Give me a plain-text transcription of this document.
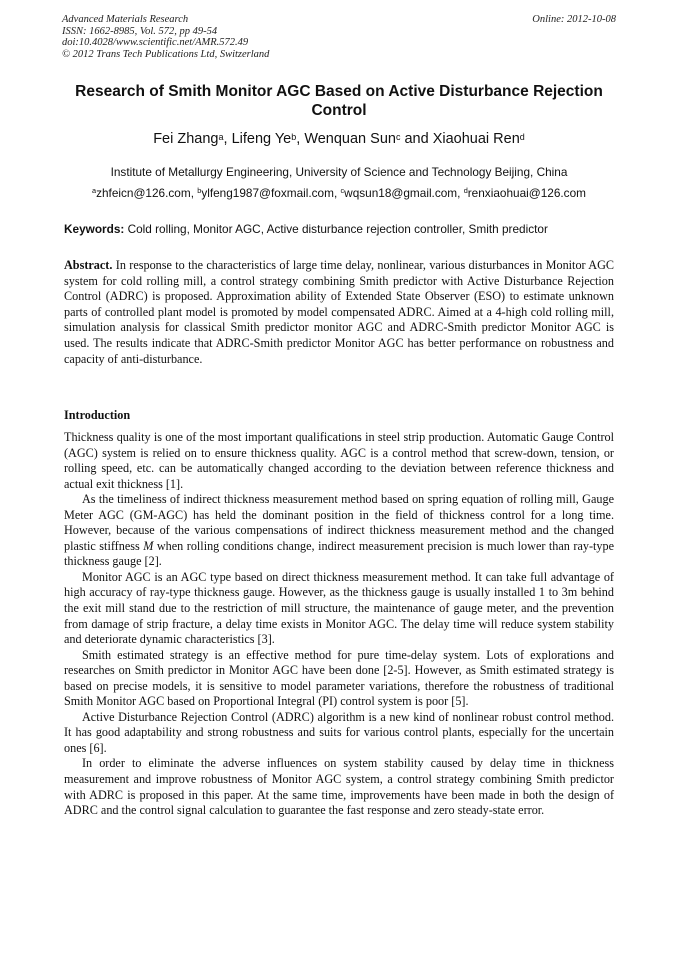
Advanced Materials Research
ISSN: 1662-8985, Vol. 572, pp 49-54
doi:10.4028/www.scientific.net/AMR.572.49
© 2012 Trans Tech Publications Ltd, Switzerland
Online: 2012-10-08
Research of Smith Monitor AGC Based on Active Disturbance Rejection Control
Fei Zhang$^a$, Lifeng Ye$^b$, Wenquan Sun$^c$ and Xiaohuai Ren$^d$
Institute of Metallurgy Engineering, University of Science and Technology Beijing, China
$^a$zhfeicn@126.com, $^b$ylfeng1987@foxmail.com, $^c$wqsun18@gmail.com, $^d$renxiaohuai@126.com
Keywords: Cold rolling, Monitor AGC, Active disturbance rejection controller, Smith predictor
Abstract. In response to the characteristics of large time delay, nonlinear, various disturbances in Monitor AGC system for cold rolling mill, a control strategy combining Smith predictor with Active Disturbance Rejection Control (ADRC) is proposed. Approximation ability of Extended State Observer (ESO) to estimate unknown parts of controlled plant model is promoted by model compensated ADRC. Aimed at a 4-high cold rolling mill, simulation analysis for classical Smith predictor monitor AGC and ADRC-Smith predictor Monitor AGC is used. The results indicate that ADRC-Smith predictor Monitor AGC has better performance on robustness and capacity of anti-disturbance.
Introduction

Thickness quality is one of the most important qualifications in steel strip production. Automatic Gauge Control (AGC) system is relied on to ensure thickness quality. AGC is a control method that screw-down, tension, or rolling speed, etc. can be automatically changed according to the deviation between reference thickness and actual exit thickness [1].

As the timeliness of indirect thickness measurement method based on spring equation of rolling mill, Gauge Meter AGC (GM-AGC) has held the dominant position in the field of thickness control for a long time. However, because of the various compensations of indirect thickness measurement method and the changed plastic stiffness M when rolling conditions change, indirect measurement precision is much lower than ray-type thickness gauge [2].

Monitor AGC is an AGC type based on direct thickness measurement method. It can take full advantage of high accuracy of ray-type thickness gauge. However, as the thickness gauge is usually installed 1 to 3m behind the exit mill stand due to the restriction of mill structure, the maintenance of gauge meter, and the prevention from damage of strip fracture, a delay time exists in Monitor AGC. The delay time will reduce system stability and deteriorate dynamic characteristics [3].

Smith estimated strategy is an effective method for pure time-delay system. Lots of explorations and researches on Smith predictor in Monitor AGC have been done [2-5]. However, as Smith estimated strategy is based on precise models, it is sensitive to model parameter variations, therefore the robustness of traditional Smith Monitor AGC based on Proportional Integral (PI) control system is poor [5].

Active Disturbance Rejection Control (ADRC) algorithm is a new kind of nonlinear robust control method. It has good adaptability and strong robustness and suits for various control plants, especially for the uncertain ones [6].

In order to eliminate the adverse influences on system stability caused by delay time in thickness measurement and improve robustness of Monitor AGC system, a control strategy combining Smith predictor with ADRC is proposed in this paper. At the same time, improvements have been made in both the design of ADRC and the control signal calculation to guarantee the fast response and zero steady-state error.
